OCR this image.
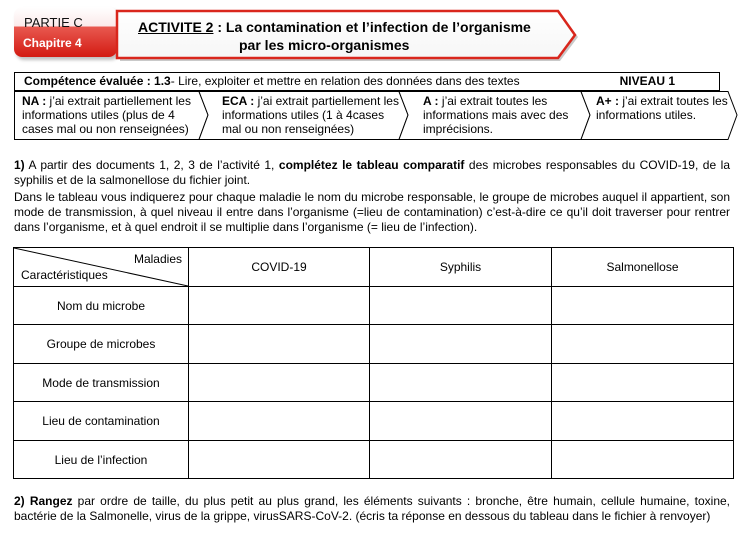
PARTIE C
Chapitre 4
ACTIVITE 2 : La contamination et l’infection de l’organisme
par les micro-organismes
Compétence évaluée : 1.3- Lire, exploiter et mettre en relation des données dans des textes	NIVEAU 1
NA : j’ai extrait partiellement les informations utiles (plus de 4 cases mal ou non renseignées)
ECA : j’ai extrait partiellement les informations utiles (1 à 4cases mal ou non renseignées)
A : j’ai extrait toutes les informations mais avec des imprécisions.
A+ : j’ai extrait toutes les informations utiles.
1) A partir des documents 1, 2, 3 de l’activité 1, complétez le tableau comparatif des microbes responsables du COVID-19, de la syphilis et de la salmonellose du fichier joint.
Dans le tableau vous indiquerez pour chaque maladie le nom du microbe responsable, le groupe de microbes auquel il appartient, son mode de transmission, à quel niveau il entre dans l’organisme (=lieu de contamination) c’est-à-dire ce qu’il doit traverser pour rentrer dans l’organisme, et à quel endroit il se multiplie dans l’organisme (= lieu de l’infection).
Maladies
Caractéristiques	COVID-19	Syphilis	Salmonellose
Nom du microbe			
Groupe de microbes			
Mode de transmission			
Lieu de contamination			
Lieu de l’infection			
2) Rangez par ordre de taille, du plus petit au plus grand, les éléments suivants : bronche, être humain, cellule humaine, toxine, bactérie de la Salmonelle, virus de la grippe, virusSARS-CoV-2. (écris ta réponse en dessous du tableau dans le fichier à renvoyer)
